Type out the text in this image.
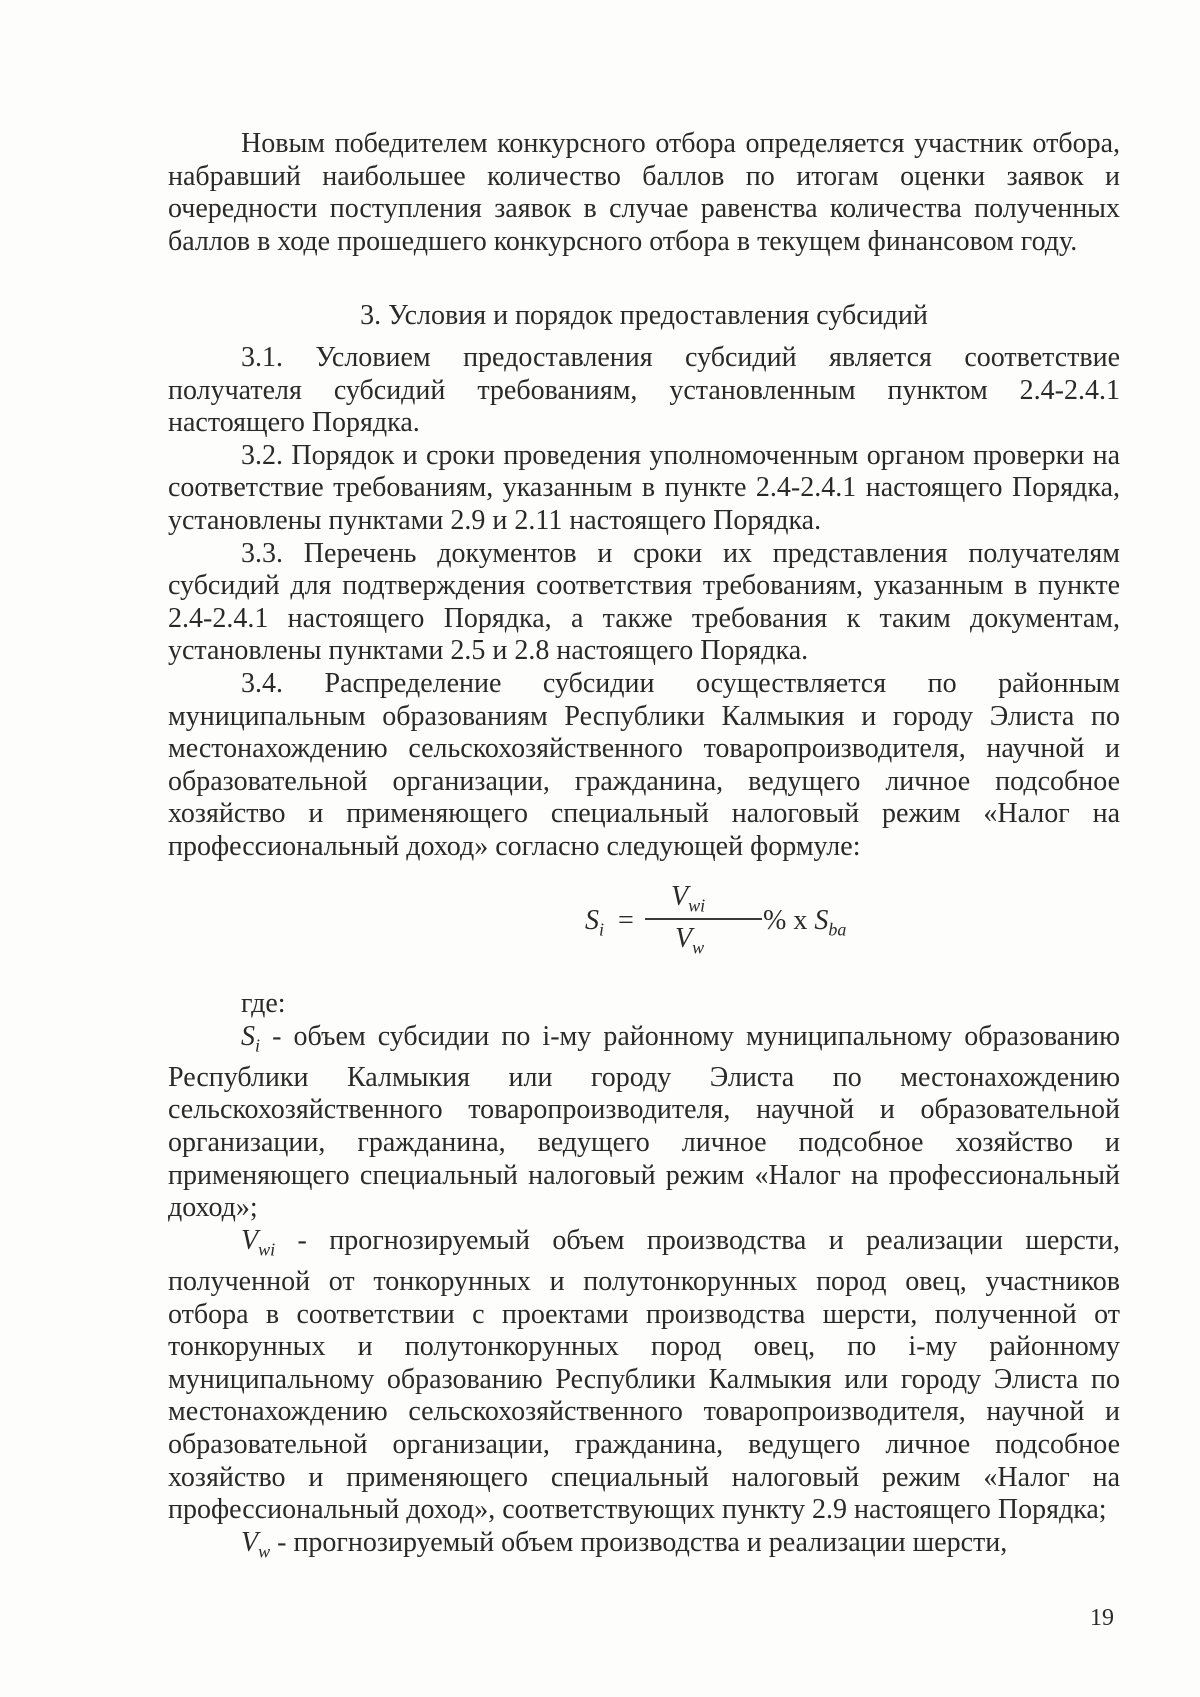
Новым победителем конкурсного отбора определяется участник отбора, набравший наибольшее количество баллов по итогам оценки заявок и очередности поступления заявок в случае равенства количества полученных баллов в ходе прошедшего конкурсного отбора в текущем финансовом году.

3. Условия и порядок предоставления субсидий

3.1. Условием предоставления субсидий является соответствие получателя субсидий требованиям, установленным пунктом 2.4-2.4.1 настоящего Порядка.

3.2. Порядок и сроки проведения уполномоченным органом проверки на соответствие требованиям, указанным в пункте 2.4-2.4.1 настоящего Порядка, установлены пунктами 2.9 и 2.11 настоящего Порядка.

3.3. Перечень документов и сроки их представления получателям субсидий для подтверждения соответствия требованиям, указанным в пункте 2.4-2.4.1 настоящего Порядка, а также требования к таким документам, установлены пунктами 2.5 и 2.8 настоящего Порядка.

3.4. Распределение субсидии осуществляется по районным муниципальным образованиям Республики Калмыкия и городу Элиста по местонахождению сельскохозяйственного товаропроизводителя, научной и образовательной организации, гражданина, ведущего личное подсобное хозяйство и применяющего специальный налоговый режим «Налог на профессиональный доход» согласно следующей формуле:

$S_i$ =
$V_{wi}$
$V_w$
% х $S_{ba}$

где:

$S_i$ - объем субсидии по i-му районному муниципальному образованию Республики Калмыкия или городу Элиста по местонахождению сельскохозяйственного товаропроизводителя, научной и образовательной организации, гражданина, ведущего личное подсобное хозяйство и применяющего специальный налоговый режим «Налог на профессиональный доход»;

$V_{wi}$ - прогнозируемый объем производства и реализации шерсти, полученной от тонкорунных и полутонкорунных пород овец, участников отбора в соответствии с проектами производства шерсти, полученной от тонкорунных и полутонкорунных пород овец, по i-му районному муниципальному образованию Республики Калмыкия или городу Элиста по местонахождению сельскохозяйственного товаропроизводителя, научной и образовательной организации, гражданина, ведущего личное подсобное хозяйство и применяющего специальный налоговый режим «Налог на профессиональный доход», соответствующих пункту 2.9 настоящего Порядка;

$V_w$ - прогнозируемый объем производства и реализации шерсти,

19
